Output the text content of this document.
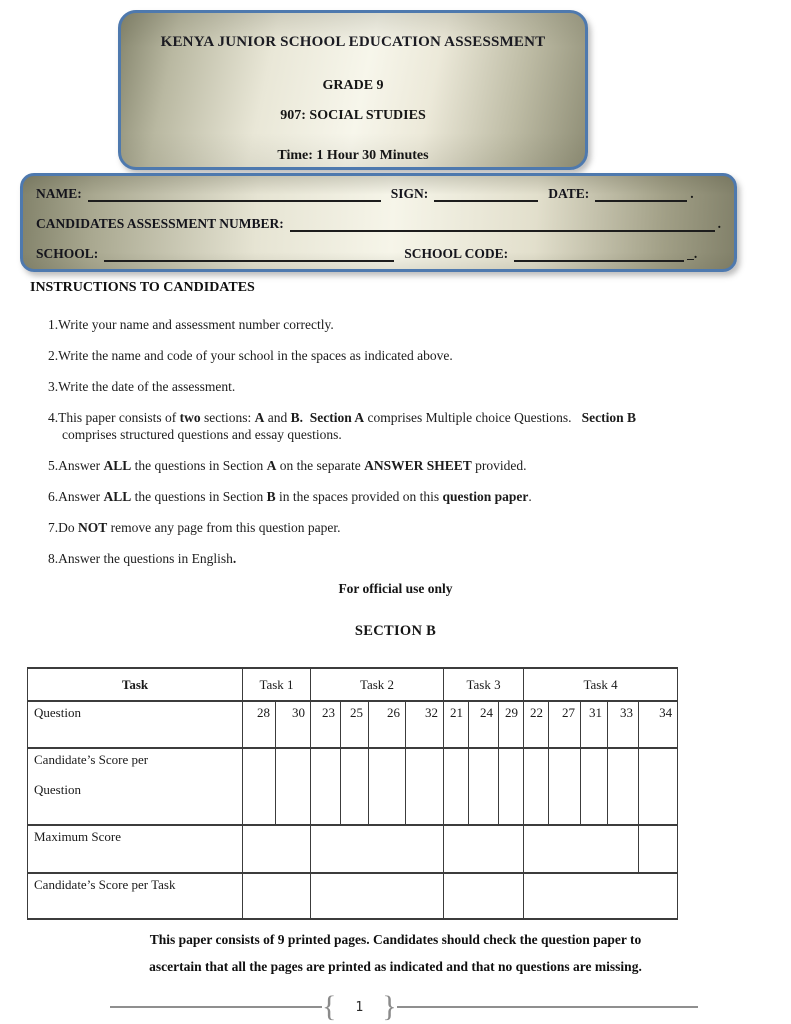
KENYA JUNIOR SCHOOL EDUCATION ASSESSMENT
GRADE 9
907: SOCIAL STUDIES
Time: 1 Hour 30 Minutes
NAME:	SIGN:	DATE:	.
CANDIDATES ASSESSMENT NUMBER:	.
SCHOOL:	SCHOOL CODE:	_.
INSTRUCTIONS TO CANDIDATES
1.Write your name and assessment number correctly.
2.Write the name and code of your school in the spaces as indicated above.
3.Write the date of the assessment.
4.This paper consists of two sections: A and B. Section A comprises Multiple choice Questions.   Section B
comprises structured questions and essay questions.
5.Answer ALL the questions in Section A on the separate ANSWER SHEET provided.
6.Answer ALL the questions in Section B in the spaces provided on this question paper.
7.Do NOT remove any page from this question paper.
8.Answer the questions in English.
For official use only
SECTION B
Task	Task 1		Task 2				Task 3			Task 4				
Question	28	30	23	25	26	32	21	24	29	22	27	31	33	34
Candidate’s Score per
Question														
Maximum Score														
Candidate’s Score per Task														
This paper consists of 9 printed pages. Candidates should check the question paper to
ascertain that all the pages are printed as indicated and that no questions are missing.
{ 1 }
